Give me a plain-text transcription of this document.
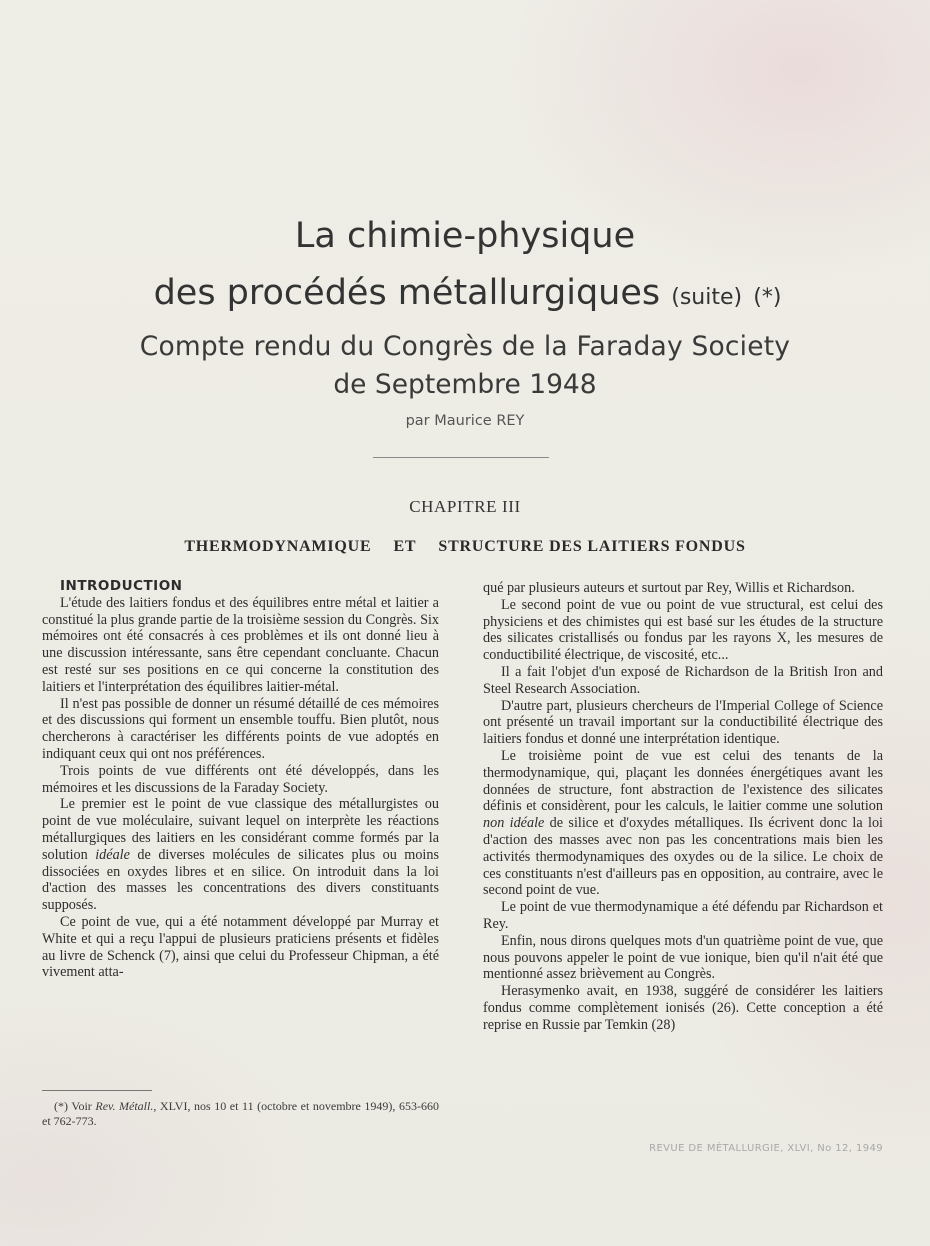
La chimie-physique
des procédés métallurgiques (suite) (*)
Compte rendu du Congrès de la Faraday Society
de Septembre 1948
par Maurice REY
CHAPITRE III
THERMODYNAMIQUE ET STRUCTURE DES LAITIERS FONDUS

INTRODUCTION

L'étude des laitiers fondus et des équilibres entre métal et laitier a constitué la plus grande partie de la troisième session du Congrès. Six mémoires ont été consacrés à ces problèmes et ils ont donné lieu à une discussion intéressante, sans être cependant concluante. Chacun est resté sur ses positions en ce qui concerne la constitution des laitiers et l'interprétation des équilibres laitier-métal.

Il n'est pas possible de donner un résumé détaillé de ces mémoires et des discussions qui forment un ensemble touffu. Bien plutôt, nous chercherons à caractériser les différents points de vue adoptés en indiquant ceux qui ont nos préférences.

Trois points de vue différents ont été développés, dans les mémoires et les discussions de la Faraday Society.

Le premier est le point de vue classique des métallurgistes ou point de vue moléculaire, suivant lequel on interprète les réactions métallurgiques des laitiers en les considérant comme formés par la solution idéale de diverses molécules de silicates plus ou moins dissociées en oxydes libres et en silice. On introduit dans la loi d'action des masses les concentrations des divers constituants supposés.

Ce point de vue, qui a été notamment développé par Murray et White et qui a reçu l'appui de plusieurs praticiens présents et fidèles au livre de Schenck (7), ainsi que celui du Professeur Chipman, a été vivement atta-

qué par plusieurs auteurs et surtout par Rey, Willis et Richardson.

Le second point de vue ou point de vue structural, est celui des physiciens et des chimistes qui est basé sur les études de la structure des silicates cristallisés ou fondus par les rayons X, les mesures de conductibilité électrique, de viscosité, etc...

Il a fait l'objet d'un exposé de Richardson de la British Iron and Steel Research Association.

D'autre part, plusieurs chercheurs de l'Imperial College of Science ont présenté un travail important sur la conductibilité électrique des laitiers fondus et donné une interprétation identique.

Le troisième point de vue est celui des tenants de la thermodynamique, qui, plaçant les données énergétiques avant les données de structure, font abstraction de l'existence des silicates définis et considèrent, pour les calculs, le laitier comme une solution non idéale de silice et d'oxydes métalliques. Ils écrivent donc la loi d'action des masses avec non pas les concentrations mais bien les activités thermodynamiques des oxydes ou de la silice. Le choix de ces constituants n'est d'ailleurs pas en opposition, au contraire, avec le second point de vue.

Le point de vue thermodynamique a été défendu par Richardson et Rey.

Enfin, nous dirons quelques mots d'un quatrième point de vue, que nous pouvons appeler le point de vue ionique, bien qu'il n'ait été que mentionné assez brièvement au Congrès.

Herasymenko avait, en 1938, suggéré de considérer les laitiers fondus comme complètement ionisés (26). Cette conception a été reprise en Russie par Temkin (28)

(*) Voir Rev. Métall., XLVI, nos 10 et 11 (octobre et novembre 1949), 653-660 et 762-773.
REVUE DE MÉTALLURGIE, XLVI, No 12, 1949
